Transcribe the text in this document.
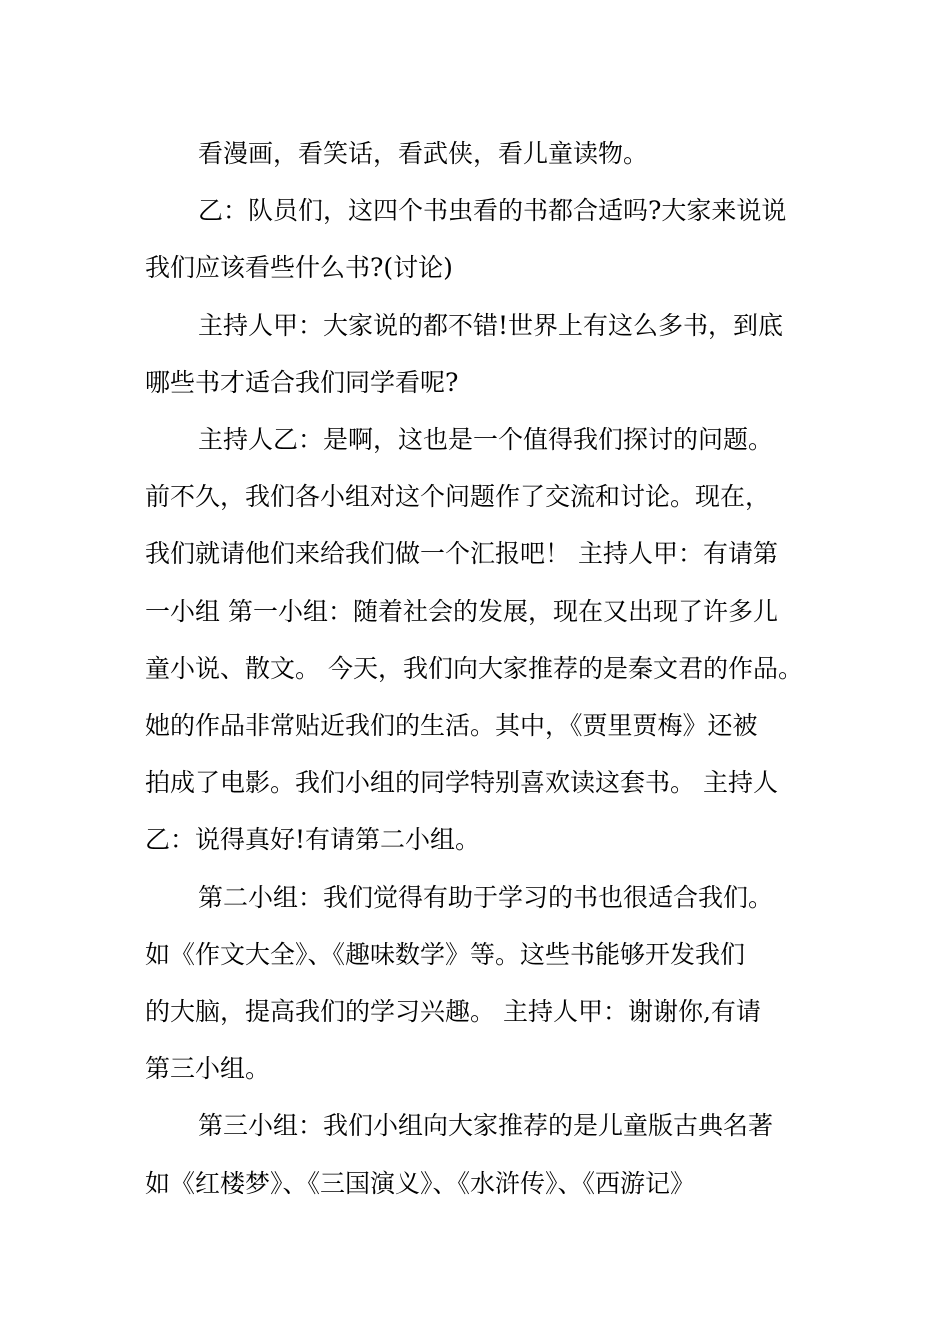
看漫画，看笑话，看武侠，看儿童读物。

乙：队员们，这四个书虫看的书都合适吗?大家来说说
我们应该看些什么书?(讨论)

主持人甲：大家说的都不错!世界上有这么多书，到底
哪些书才适合我们同学看呢?

主持人乙：是啊，这也是一个值得我们探讨的问题。
前不久，我们各小组对这个问题作了交流和讨论。现在，
我们就请他们来给我们做一个汇报吧！ 主持人甲：有请第
一小组 第一小组：随着社会的发展，现在又出现了许多儿
童小说、散文。 今天，我们向大家推荐的是秦文君的作品。
她的作品非常贴近我们的生活。其中，《贾里贾梅》还被
拍成了电影。我们小组的同学特别喜欢读这套书。 主持人
乙：说得真好!有请第二小组。

第二小组：我们觉得有助于学习的书也很适合我们。
如《作文大全》、《趣味数学》等。这些书能够开发我们
的大脑，提高我们的学习兴趣。 主持人甲：谢谢你,有请
第三小组。

第三小组：我们小组向大家推荐的是儿童版古典名著
如《红楼梦》、《三国演义》、《水浒传》、《西游记》
